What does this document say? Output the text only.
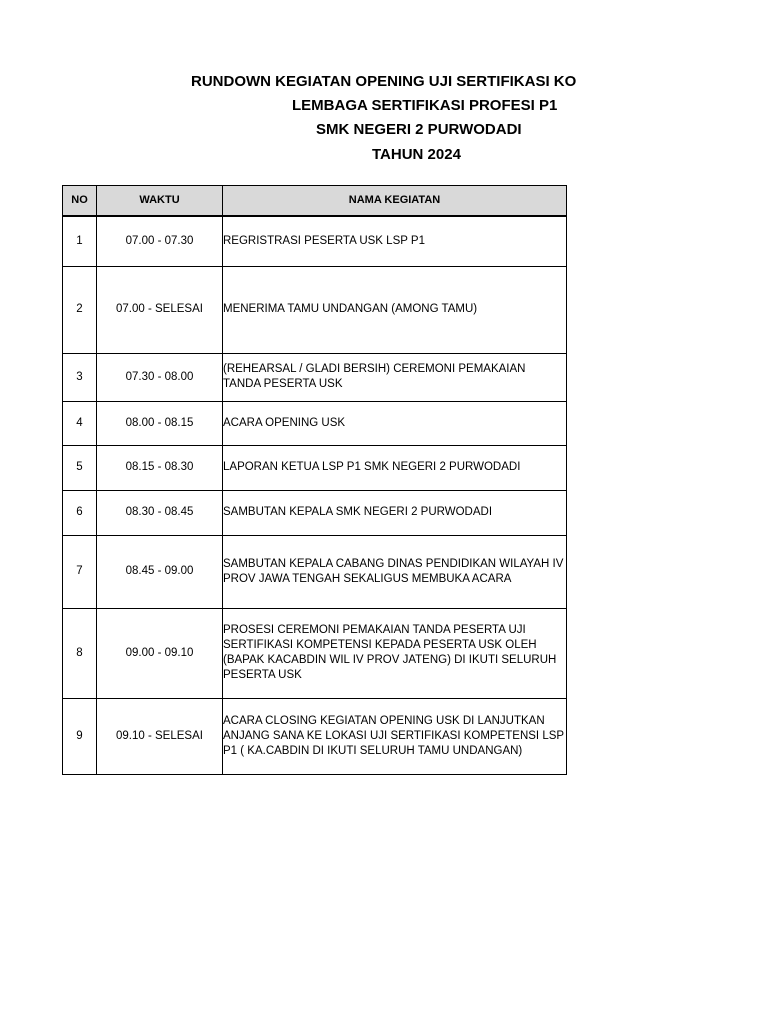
RUNDOWN KEGIATAN OPENING UJI SERTIFIKASI KO
LEMBAGA SERTIFIKASI PROFESI P1
SMK NEGERI 2 PURWODADI
TAHUN 2024
NO	WAKTU	NAMA KEGIATAN
1	07.00 - 07.30	REGRISTRASI PESERTA USK LSP P1
2	07.00 - SELESAI	MENERIMA TAMU UNDANGAN (AMONG TAMU)
3	07.30 - 08.00	(REHEARSAL / GLADI BERSIH) CEREMONI PEMAKAIAN TANDA PESERTA USK
4	08.00 - 08.15	ACARA OPENING USK
5	08.15 - 08.30	LAPORAN KETUA LSP P1 SMK NEGERI 2 PURWODADI
6	08.30 - 08.45	SAMBUTAN KEPALA SMK NEGERI 2 PURWODADI
7	08.45 - 09.00	SAMBUTAN KEPALA CABANG DINAS PENDIDIKAN WILAYAH IV PROV JAWA TENGAH SEKALIGUS MEMBUKA ACARA
8	09.00 - 09.10	PROSESI CEREMONI PEMAKAIAN TANDA PESERTA UJI SERTIFIKASI KOMPETENSI KEPADA PESERTA USK OLEH (BAPAK KACABDIN WIL IV PROV JATENG) DI IKUTI SELURUH PESERTA USK
9	09.10 - SELESAI	ACARA CLOSING KEGIATAN OPENING USK DI LANJUTKAN ANJANG SANA KE LOKASI UJI SERTIFIKASI KOMPETENSI LSP P1 ( KA.CABDIN DI IKUTI SELURUH TAMU UNDANGAN)
